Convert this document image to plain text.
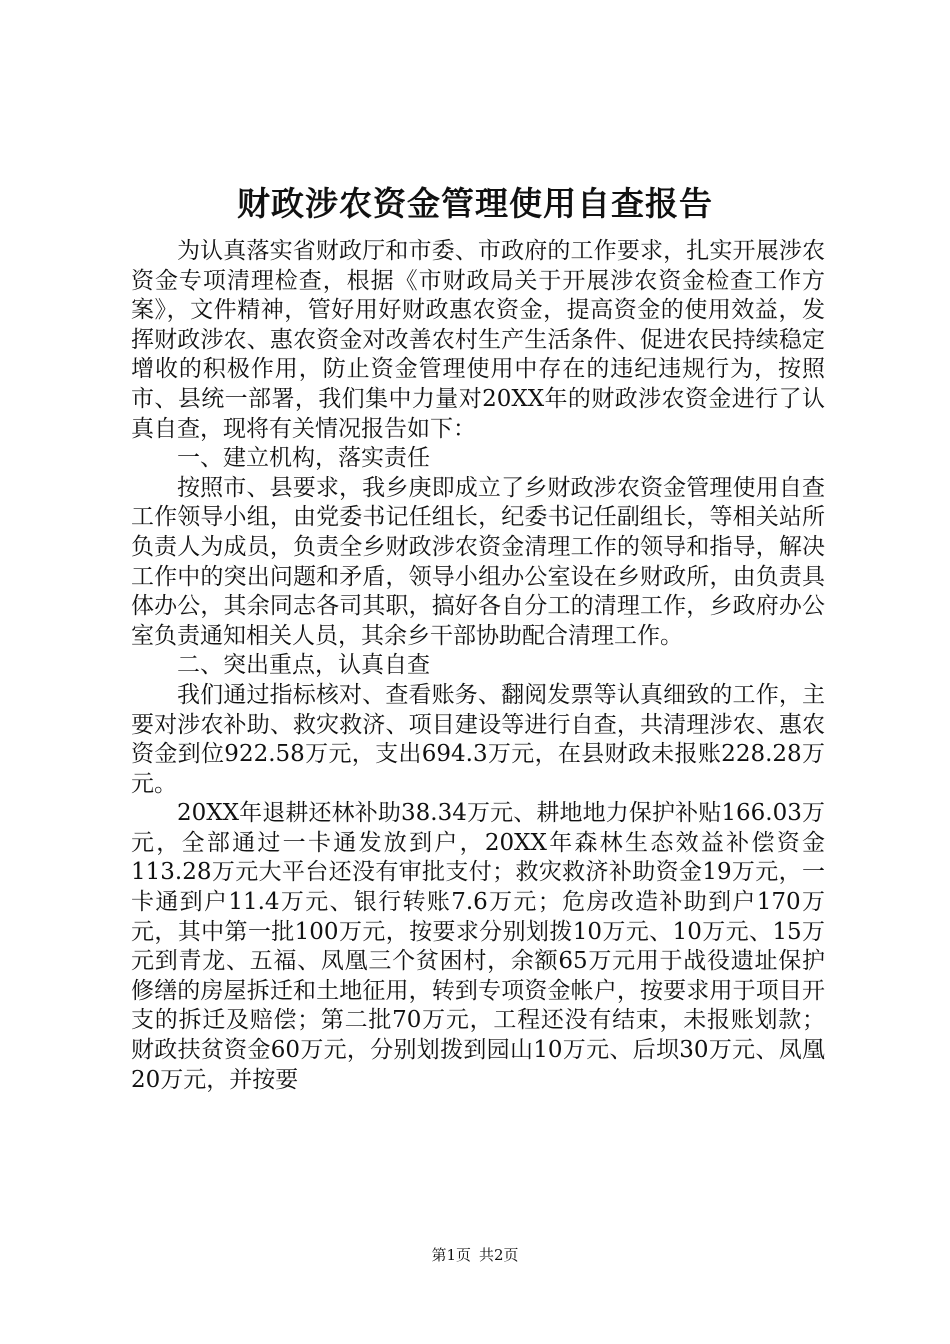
财政涉农资金管理使用自查报告

为认真落实省财政厅和市委、市政府的工作要求，扎实开展涉农资金专项清理检查，根据《市财政局关于开展涉农资金检查工作方案》，文件精神，管好用好财政惠农资金，提高资金的使用效益，发挥财政涉农、惠农资金对改善农村生产生活条件、促进农民持续稳定增收的积极作用，防止资金管理使用中存在的违纪违规行为，按照市、县统一部署，我们集中力量对20XX年的财政涉农资金进行了认真自查，现将有关情况报告如下：

一、建立机构，落实责任

按照市、县要求，我乡庚即成立了乡财政涉农资金管理使用自查工作领导小组，由党委书记任组长，纪委书记任副组长，等相关站所负责人为成员，负责全乡财政涉农资金清理工作的领导和指导，解决工作中的突出问题和矛盾，领导小组办公室设在乡财政所，由负责具体办公，其余同志各司其职，搞好各自分工的清理工作，乡政府办公室负责通知相关人员，其余乡干部协助配合清理工作。

二、突出重点，认真自查

我们通过指标核对、查看账务、翻阅发票等认真细致的工作，主要对涉农补助、救灾救济、项目建设等进行自查，共清理涉农、惠农资金到位922.58万元，支出694.3万元，在县财政未报账228.28万元。

20XX年退耕还林补助38.34万元、耕地地力保护补贴166.03万元，全部通过一卡通发放到户，20XX年森林生态效益补偿资金113.28万元大平台还没有审批支付；救灾救济补助资金19万元，一卡通到户11.4万元、银行转账7.6万元；危房改造补助到户170万元，其中第一批100万元，按要求分别划拨10万元、10万元、15万元到青龙、五福、凤凰三个贫困村，余额65万元用于战役遗址保护修缮的房屋拆迁和土地征用，转到专项资金帐户，按要求用于项目开支的拆迁及赔偿；第二批70万元，工程还没有结束，未报账划款；财政扶贫资金60万元，分别划拨到园山10万元、后坝30万元、凤凰20万元，并按要

第1页 共2页
